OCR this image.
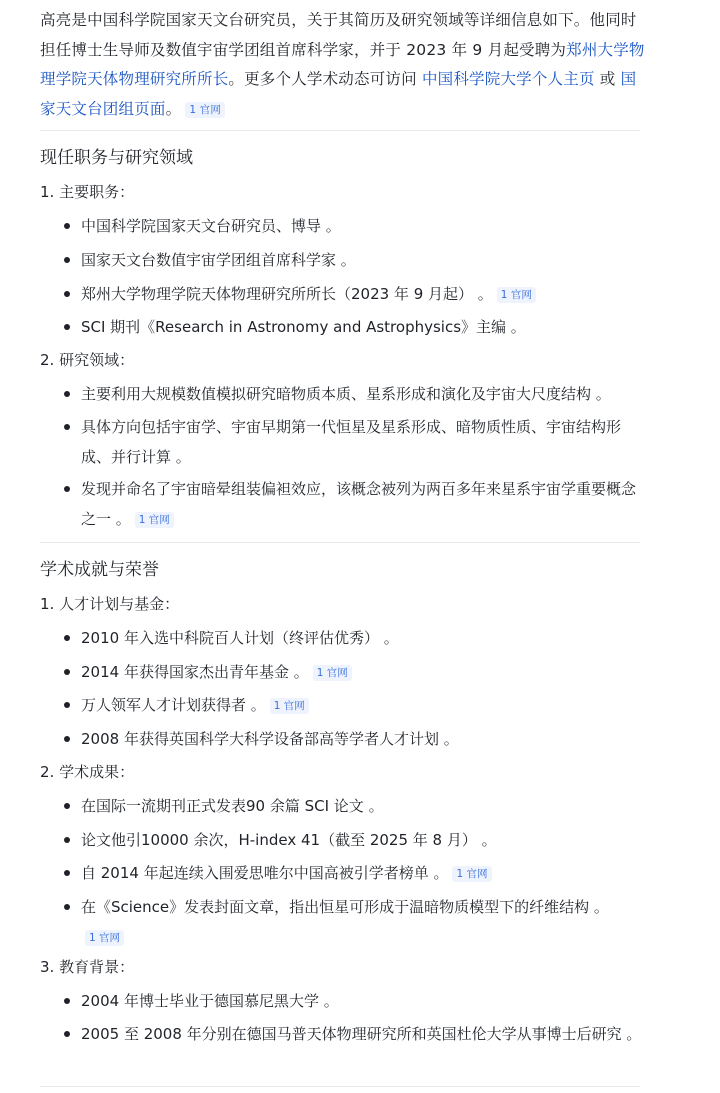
高亮是中国科学院国家天文台研究员，关于其简历及研究领域等详细信息如下。他同时担任博士生导师及数值宇宙学团组首席科学家，并于 2023 年 9 月起受聘为郑州大学物理学院天体物理研究所所长。更多个人学术动态可访问 中国科学院大学个人主页 或 国家天文台团组页面。 1 官网
现任职务与研究领域
1. 主要职务：
中国科学院国家天文台研究员、博导 。
国家天文台数值宇宙学团组首席科学家 。
郑州大学物理学院天体物理研究所所长（2023 年 9 月起） 。 1 官网
SCI 期刊《Research in Astronomy and Astrophysics》主编 。
2. 研究领域：
主要利用大规模数值模拟研究暗物质本质、星系形成和演化及宇宙大尺度结构 。
具体方向包括宇宙学、宇宙早期第一代恒星及星系形成、暗物质性质、宇宙结构形成、并行计算 。
发现并命名了宇宙暗晕组装偏袒效应，该概念被列为两百多年来星系宇宙学重要概念之一 。 1 官网
学术成就与荣誉
1. 人才计划与基金：
2010 年入选中科院百人计划（终评估优秀） 。
2014 年获得国家杰出青年基金 。 1 官网
万人领军人才计划获得者 。 1 官网
2008 年获得英国科学大科学设备部高等学者人才计划 。
2. 学术成果：
在国际一流期刊正式发表90 余篇 SCI 论文 。
论文他引10000 余次，H-index 41（截至 2025 年 8 月） 。
自 2014 年起连续入围爱思唯尔中国高被引学者榜单 。 1 官网
在《Science》发表封面文章，指出恒星可形成于温暗物质模型下的纤维结构 。1 官网
3. 教育背景：
2004 年博士毕业于德国慕尼黑大学 。
2005 至 2008 年分别在德国马普天体物理研究所和英国杜伦大学从事博士后研究 。
